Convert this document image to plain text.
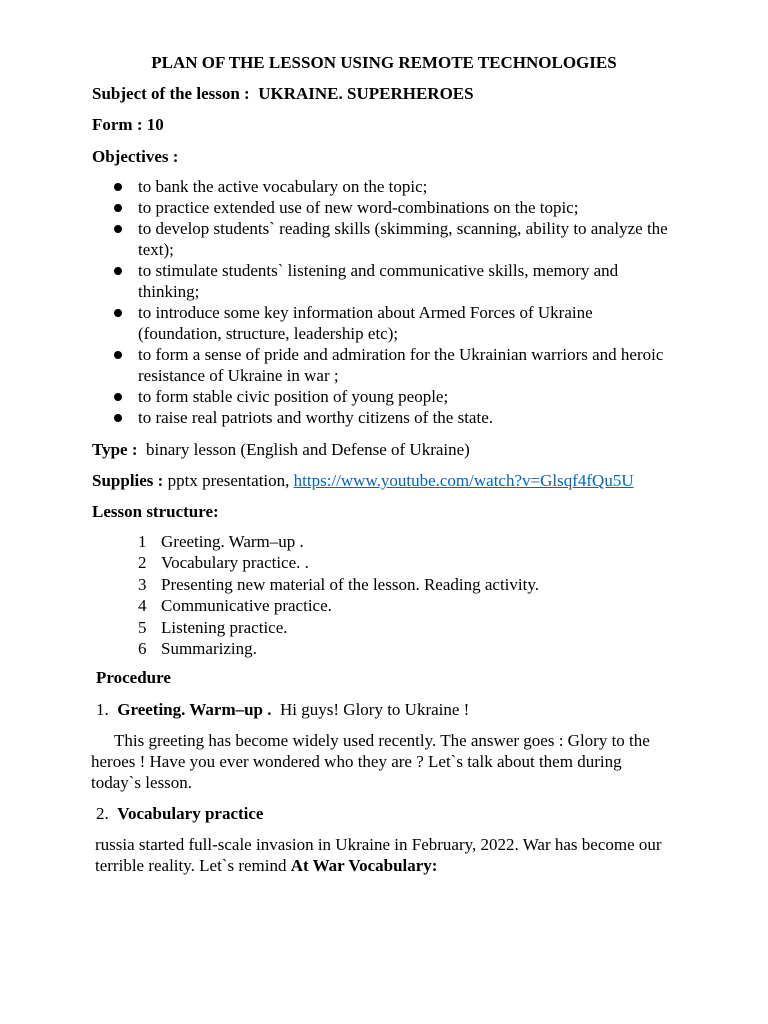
PLAN OF THE LESSON USING REMOTE TECHNOLOGIES
Subject of the lesson : UKRAINE. SUPERHEROES
Form : 10
Objectives :
to bank the active vocabulary on the topic;
to practice extended use of new word-combinations on the topic;
to develop students` reading skills (skimming, scanning, ability to analyze the
text);
to stimulate students` listening and communicative skills, memory and
thinking;
to introduce some key information about Armed Forces of Ukraine
(foundation, structure, leadership etc);
to form a sense of pride and admiration for the Ukrainian warriors and heroic
resistance of Ukraine in war ;
to form stable civic position of young people;
to raise real patriots and worthy citizens of the state.
Type : binary lesson (English and Defense of Ukraine)
Supplies : pptx presentation, https://www.youtube.com/watch?v=Glsqf4fQu5U
Lesson structure:
1 Greeting. Warm–up .
2 Vocabulary practice. .
3 Presenting new material of the lesson. Reading activity.
4 Communicative practice.
5 Listening practice.
6 Summarizing.
Procedure
1. Greeting. Warm–up . Hi guys! Glory to Ukraine !
This greeting has become widely used recently. The answer goes : Glory to the
heroes ! Have you ever wondered who they are ? Let`s talk about them during
today`s lesson.
2. Vocabulary practice
russia started full-scale invasion in Ukraine in February, 2022. War has become our
terrible reality. Let`s remind At War Vocabulary:
